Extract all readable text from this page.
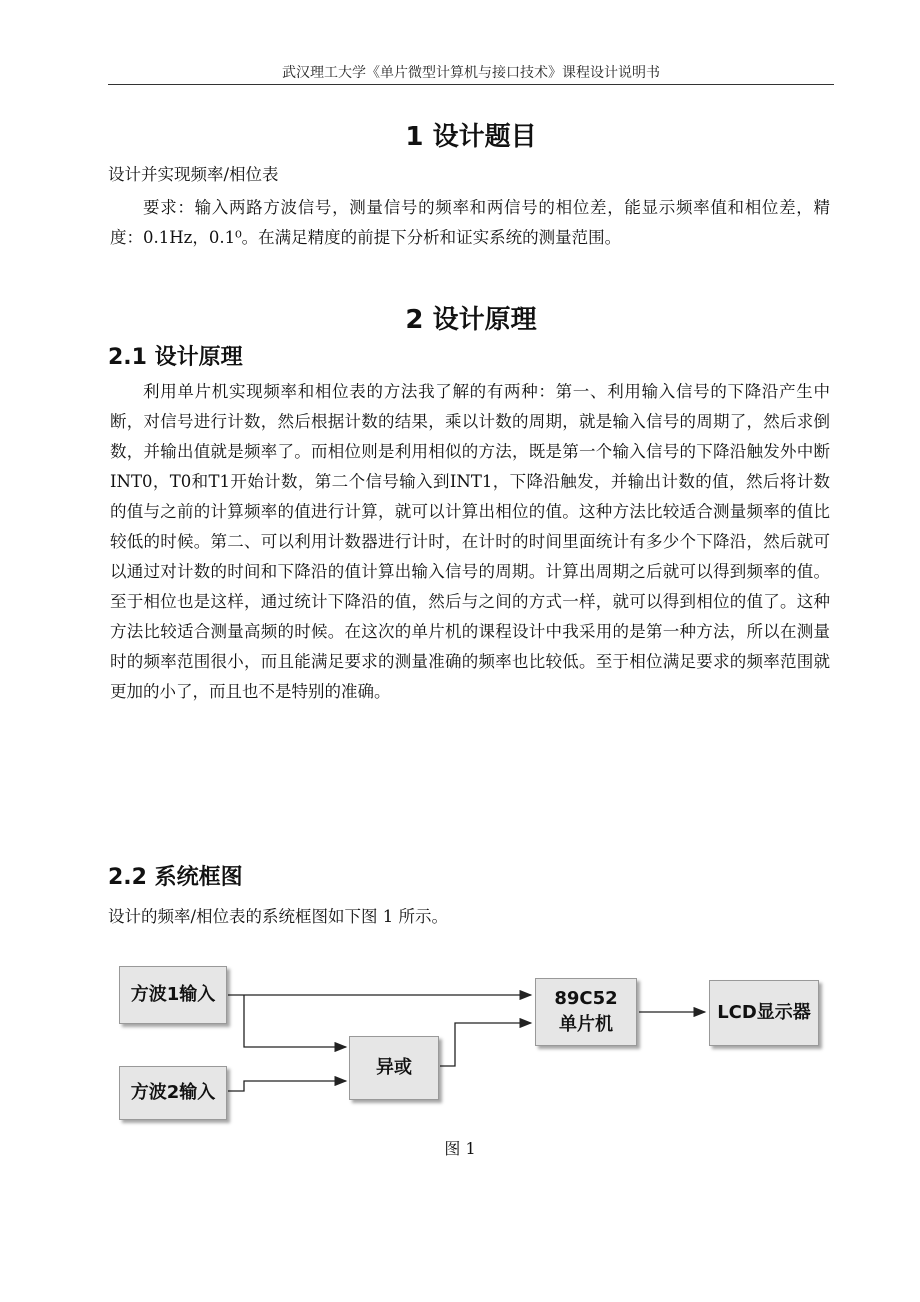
武汉理工大学《单片微型计算机与接口技术》课程设计说明书
1 设计题目
设计并实现频率/相位表

要求：输入两路方波信号，测量信号的频率和两信号的相位差，能显示频率值和相位差，精度：0.1Hz，0.1⁰。在满足精度的前提下分析和证实系统的测量范围。

2 设计原理
2.1 设计原理

利用单片机实现频率和相位表的方法我了解的有两种：第一、利用输入信号的下降沿产生中断，对信号进行计数，然后根据计数的结果，乘以计数的周期，就是输入信号的周期了，然后求倒数，并输出值就是频率了。而相位则是利用相似的方法，既是第一个输入信号的下降沿触发外中断INT0，T0和T1开始计数，第二个信号输入到INT1，下降沿触发，并输出计数的值，然后将计数的值与之前的计算频率的值进行计算，就可以计算出相位的值。这种方法比较适合测量频率的值比较低的时候。第二、可以利用计数器进行计时，在计时的时间里面统计有多少个下降沿，然后就可以通过对计数的时间和下降沿的值计算出输入信号的周期。计算出周期之后就可以得到频率的值。至于相位也是这样，通过统计下降沿的值，然后与之间的方式一样，就可以得到相位的值了。这种方法比较适合测量高频的时候。在这次的单片机的课程设计中我采用的是第一种方法，所以在测量时的频率范围很小，而且能满足要求的测量准确的频率也比较低。至于相位满足要求的频率范围就更加的小了，而且也不是特别的准确。

2.2 系统框图
设计的频率/相位表的系统框图如下图 1 所示。
方波1输入
方波2输入
异或
89C52
单片机
LCD显示器
图 1
